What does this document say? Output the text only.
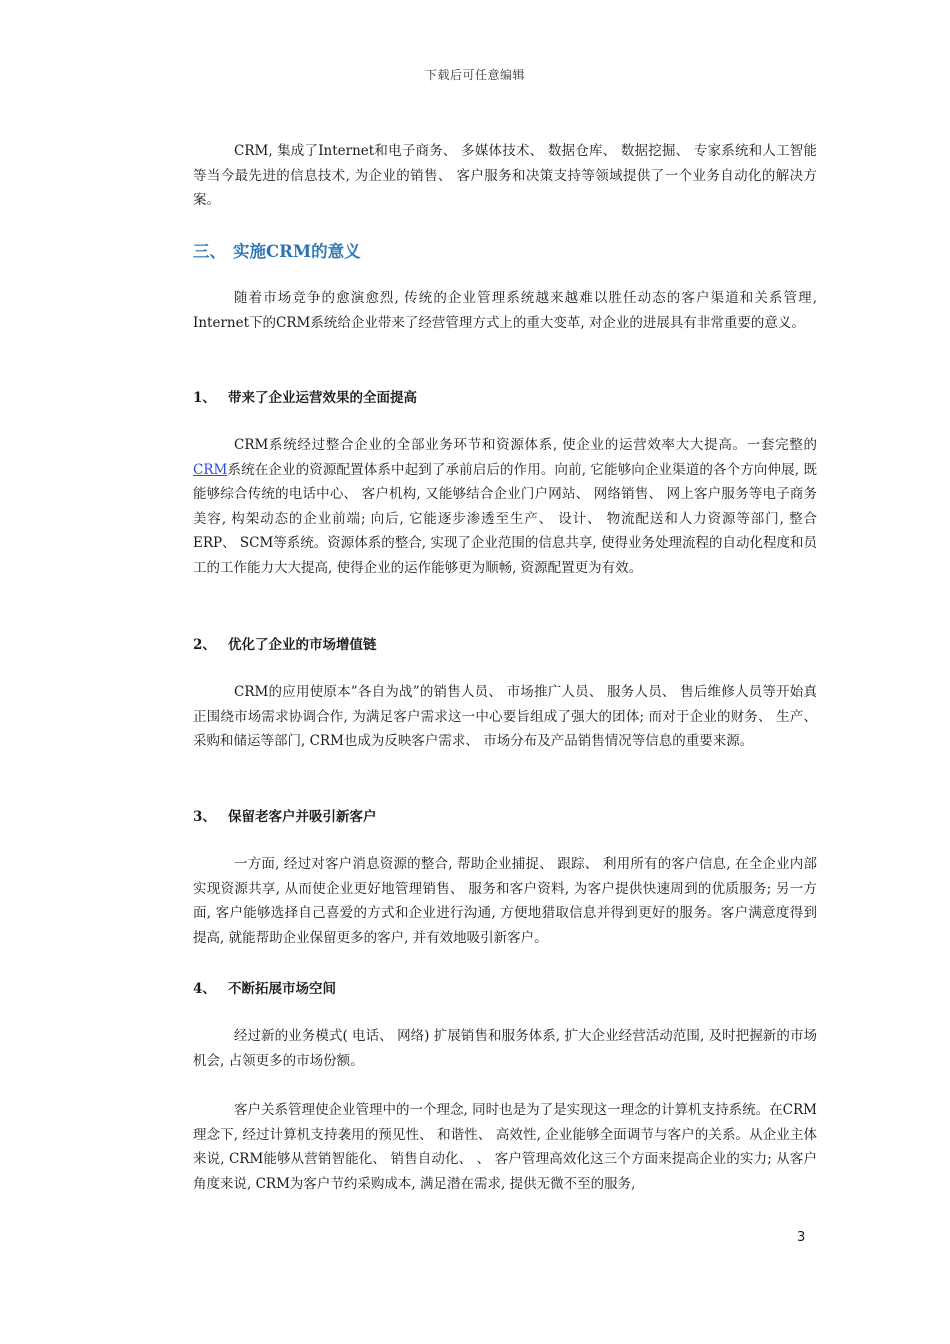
下载后可任意编辑

CRM, 集成了Internet和电子商务、 多媒体技术、 数据仓库、 数据挖掘、 专家系统和人工智能等当今最先进的信息技术, 为企业的销售、 客户服务和决策支持等领域提供了一个业务自动化的解决方案。

三、 实施CRM的意义

随着市场竞争的愈演愈烈, 传统的企业管理系统越来越难以胜任动态的客户渠道和关系管理, Internet下的CRM系统给企业带来了经营管理方式上的重大变革, 对企业的进展具有非常重要的意义。

1、 带来了企业运营效果的全面提高

CRM系统经过整合企业的全部业务环节和资源体系, 使企业的运营效率大大提高。一套完整的CRM系统在企业的资源配置体系中起到了承前启后的作用。向前, 它能够向企业渠道的各个方向伸展, 既能够综合传统的电话中心、 客户机构, 又能够结合企业门户网站、 网络销售、 网上客户服务等电子商务美容, 构架动态的企业前端; 向后, 它能逐步渗透至生产、 设计、 物流配送和人力资源等部门, 整合ERP、 SCM等系统。资源体系的整合, 实现了企业范围的信息共享, 使得业务处理流程的自动化程度和员工的工作能力大大提高, 使得企业的运作能够更为顺畅, 资源配置更为有效。

2、 优化了企业的市场增值链

CRM的应用使原本”各自为战”的销售人员、 市场推广人员、 服务人员、 售后维修人员等开始真正围绕市场需求协调合作, 为满足客户需求这一中心要旨组成了强大的团体; 而对于企业的财务、 生产、 采购和储运等部门, CRM也成为反映客户需求、 市场分布及产品销售情况等信息的重要来源。

3、 保留老客户并吸引新客户

一方面, 经过对客户消息资源的整合, 帮助企业捕捉、 跟踪、 利用所有的客户信息, 在全企业内部实现资源共享, 从而使企业更好地管理销售、 服务和客户资料, 为客户提供快速周到的优质服务; 另一方面, 客户能够选择自己喜爱的方式和企业进行沟通, 方便地猎取信息并得到更好的服务。客户满意度得到提高, 就能帮助企业保留更多的客户, 并有效地吸引新客户。

4、 不断拓展市场空间

经过新的业务模式( 电话、 网络) 扩展销售和服务体系, 扩大企业经营活动范围, 及时把握新的市场机会, 占领更多的市场份额。

客户关系管理使企业管理中的一个理念, 同时也是为了是实现这一理念的计算机支持系统。在CRM理念下, 经过计算机支持袭用的预见性、 和谐性、 高效性, 企业能够全面调节与客户的关系。从企业主体来说, CRM能够从营销智能化、 销售自动化、 、 客户管理高效化这三个方面来提高企业的实力; 从客户角度来说, CRM为客户节约采购成本, 满足潜在需求, 提供无微不至的服务,

3
